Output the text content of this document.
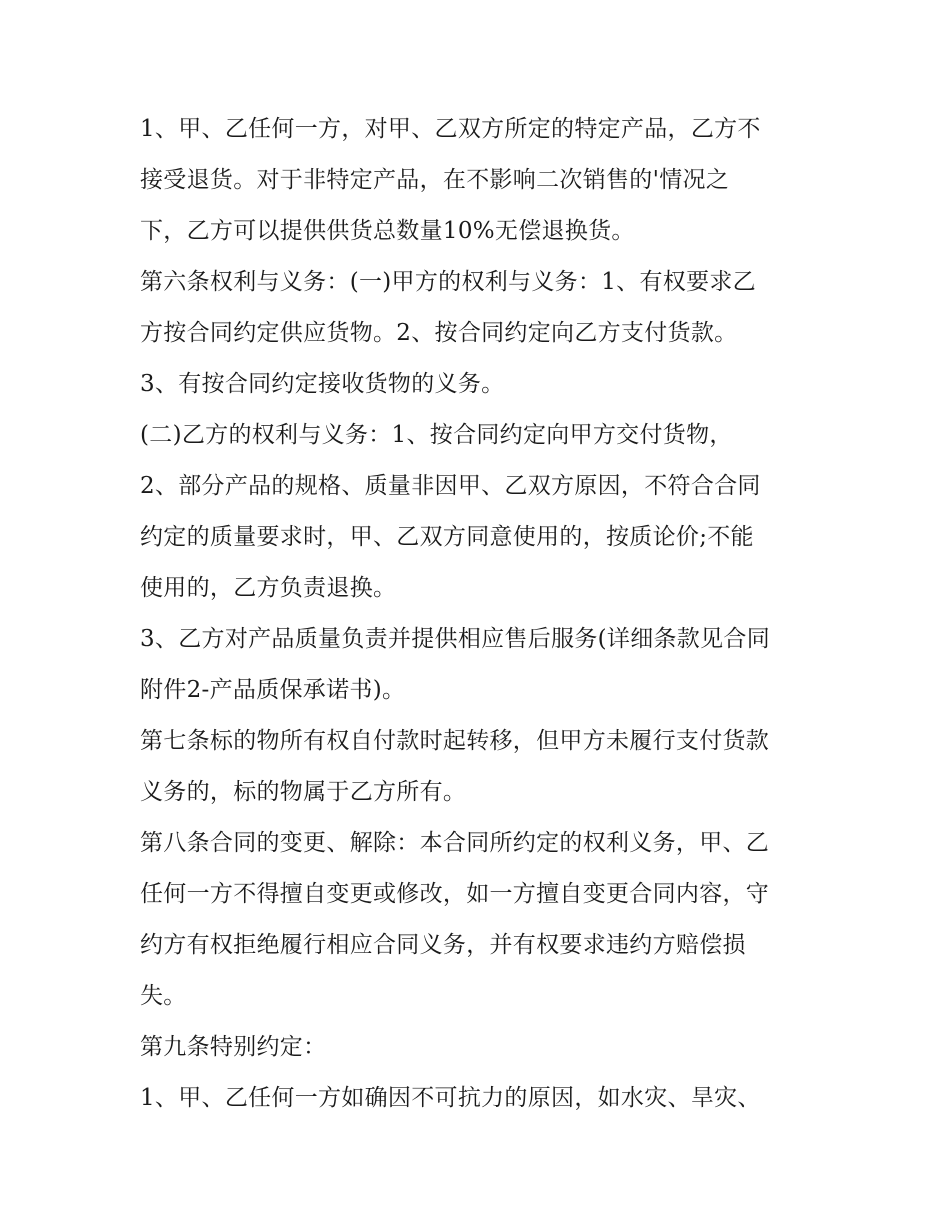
1、甲、乙任何一方，对甲、乙双方所定的特定产品，乙方不
接受退货。对于非特定产品，在不影响二次销售的'情况之
下，乙方可以提供供货总数量10%无偿退换货。
第六条权利与义务：(一)甲方的权利与义务：1、有权要求乙
方按合同约定供应货物。2、按合同约定向乙方支付货款。
3、有按合同约定接收货物的义务。
(二)乙方的权利与义务：1、按合同约定向甲方交付货物，
2、部分产品的规格、质量非因甲、乙双方原因，不符合合同
约定的质量要求时，甲、乙双方同意使用的，按质论价;不能
使用的，乙方负责退换。
3、乙方对产品质量负责并提供相应售后服务(详细条款见合同
附件2-产品质保承诺书)。
第七条标的物所有权自付款时起转移，但甲方未履行支付货款
义务的，标的物属于乙方所有。
第八条合同的变更、解除：本合同所约定的权利义务，甲、乙
任何一方不得擅自变更或修改，如一方擅自变更合同内容，守
约方有权拒绝履行相应合同义务，并有权要求违约方赔偿损
失。
第九条特别约定：
1、甲、乙任何一方如确因不可抗力的原因，如水灾、旱灾、
